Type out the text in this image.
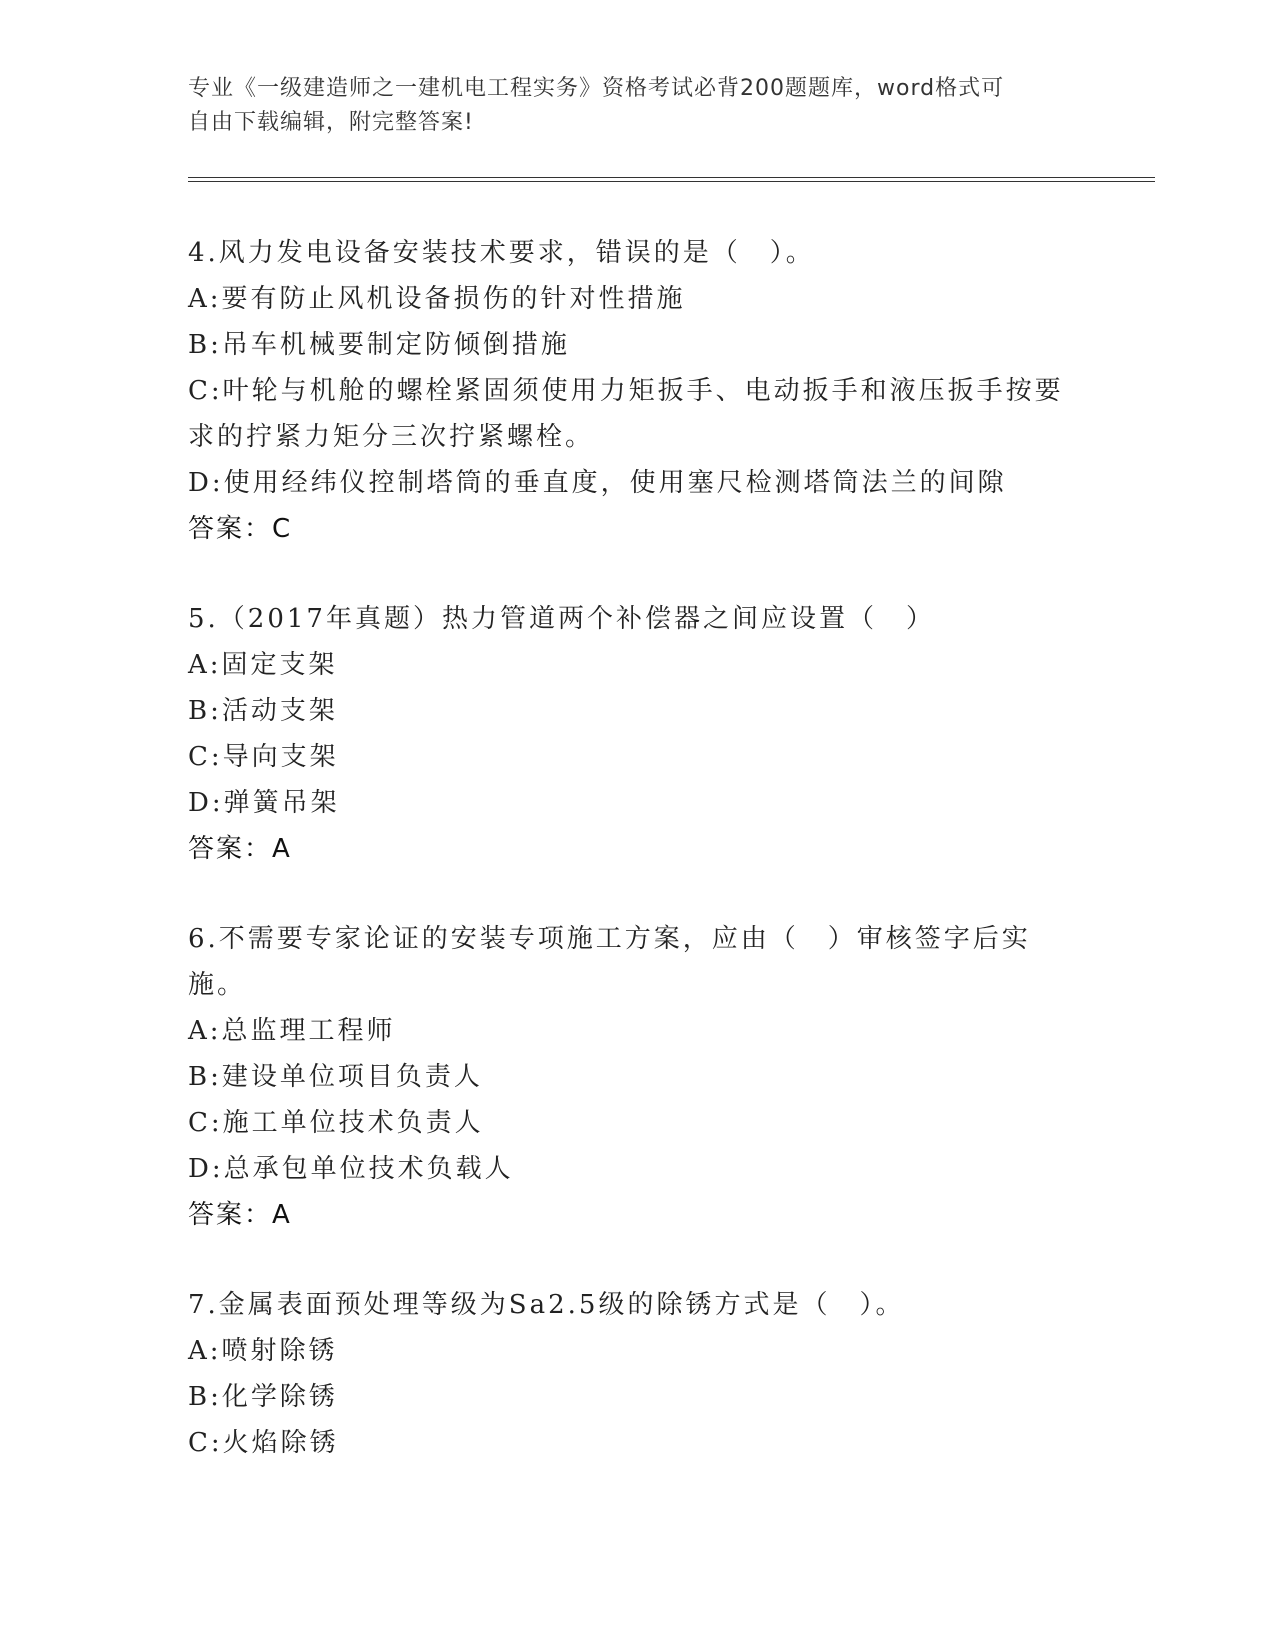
专业《一级建造师之一建机电工程实务》资格考试必背200题题库，word格式可
自由下载编辑，附完整答案!

4.风力发电设备安装技术要求，错误的是（　）。

A:要有防止风机设备损伤的针对性措施

B:吊车机械要制定防倾倒措施

C:叶轮与机舱的螺栓紧固须使用力矩扳手、电动扳手和液压扳手按要求的拧紧力矩分三次拧紧螺栓。

D:使用经纬仪控制塔筒的垂直度，使用塞尺检测塔筒法兰的间隙

答案：C

5.（2017年真题）热力管道两个补偿器之间应设置（　）

A:固定支架

B:活动支架

C:导向支架

D:弹簧吊架

答案：A

6.不需要专家论证的安装专项施工方案，应由（　）审核签字后实施。

A:总监理工程师

B:建设单位项目负责人

C:施工单位技术负责人

D:总承包单位技术负载人

答案：A

7.金属表面预处理等级为Sa2.5级的除锈方式是（　）。

A:喷射除锈

B:化学除锈

C:火焰除锈
